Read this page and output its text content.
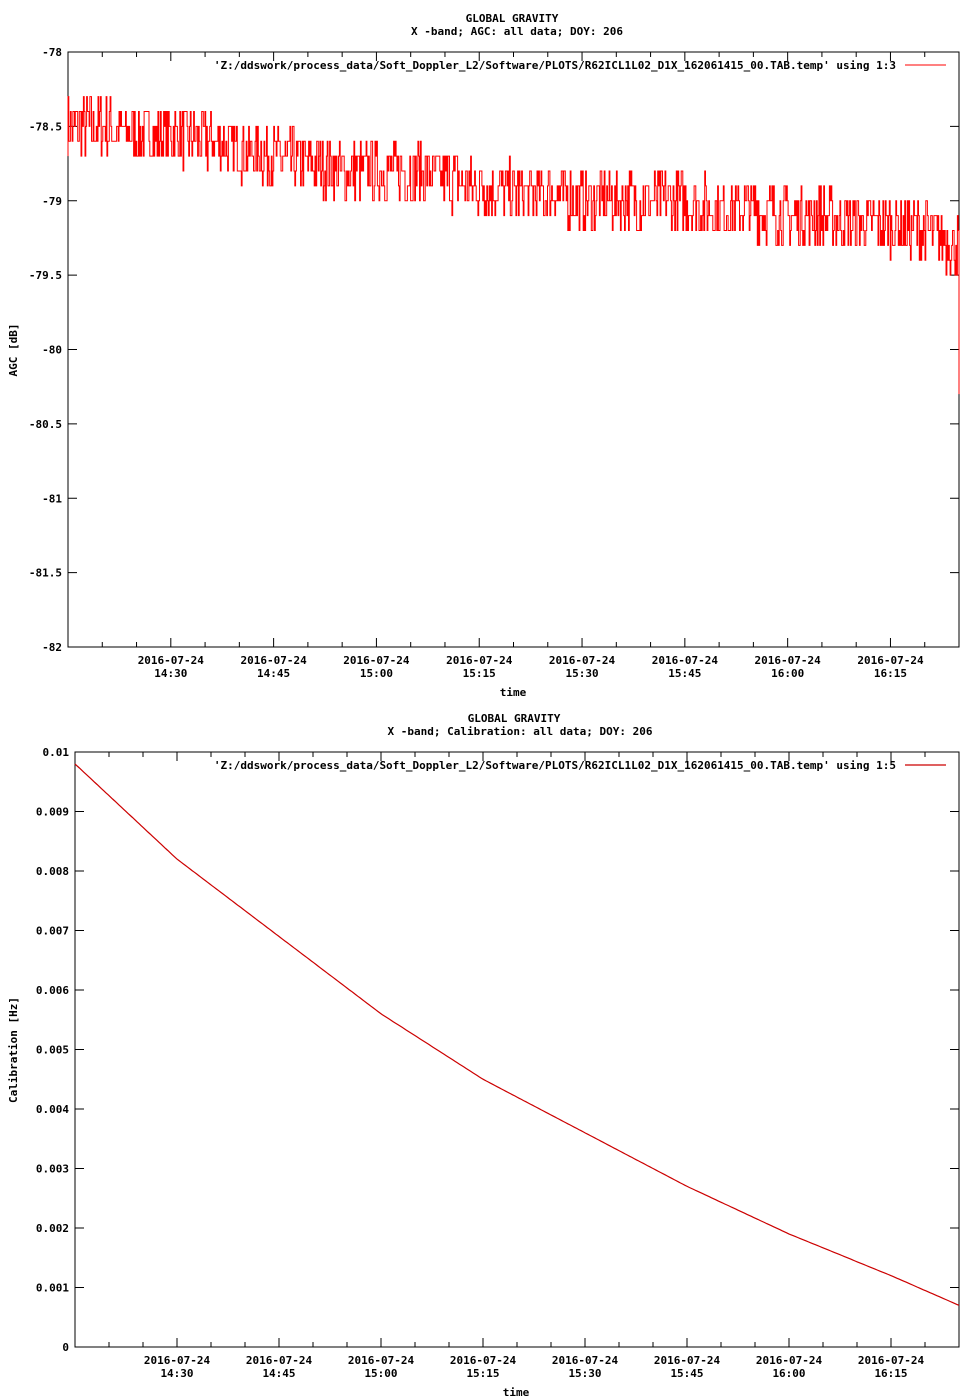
GLOBAL GRAVITY
X -band; AGC: all data; DOY: 206
time
AGC [dB]
'Z:/ddswork/process_data/Soft_Doppler_L2/Software/PLOTS/R62ICL1L02_D1X_162061415_00.TAB.temp' using 1:3
-78
-78.5
-79
-79.5
-80
-80.5
-81
-81.5
-82
2016-07-24
14:30
2016-07-24
14:45
2016-07-24
15:00
2016-07-24
15:15
2016-07-24
15:30
2016-07-24
15:45
2016-07-24
16:00
2016-07-24
16:15
GLOBAL GRAVITY
X -band; Calibration: all data; DOY: 206
time
Calibration [Hz]
'Z:/ddswork/process_data/Soft_Doppler_L2/Software/PLOTS/R62ICL1L02_D1X_162061415_00.TAB.temp' using 1:5
0.01
0.009
0.008
0.007
0.006
0.005
0.004
0.003
0.002
0.001
0
2016-07-24
14:30
2016-07-24
14:45
2016-07-24
15:00
2016-07-24
15:15
2016-07-24
15:30
2016-07-24
15:45
2016-07-24
16:00
2016-07-24
16:15
